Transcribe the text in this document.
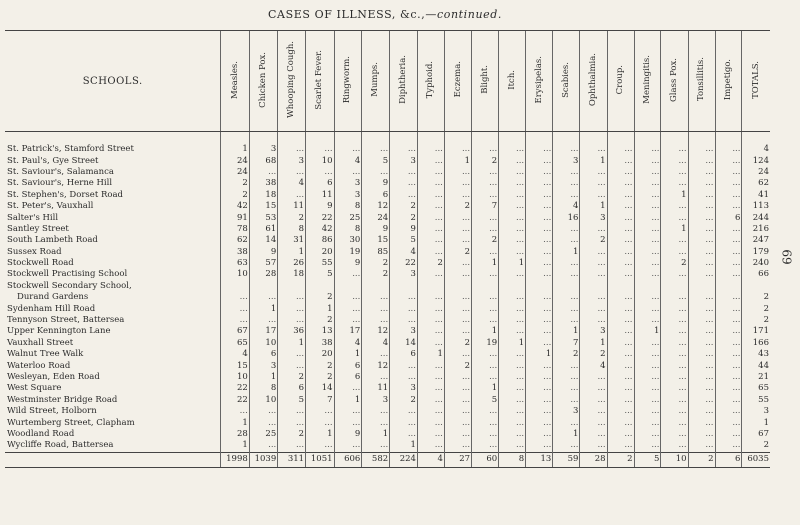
CASES OF ILLNESS, &c.,—continued.
69
SCHOOLS.	Measles.	Chicken Pox.	Whooping Cough.	Scarlet Fever.	Ringworm.	Mumps.	Diphtheria.	Typhoid.	Eczema.	Blight.	Itch.	Erysipelas.	Scabies.	Ophthalmia.	Croup.	Meningitis.	Glass Pox.	Tonsillitis.	Impetigo.	TOTALS.
St. Patrick's, Stamford Street	1	3	...	...	...	...	...	...	...	...	...	...	...	...	...	...	...	...	...	4
St. Paul's, Gye Street	24	68	3	10	4	5	3	...	1	2	...	...	3	1	...	...	...	...	...	124
St. Saviour's, Salamanca	24	...	...	...	...	...	...	...	...	...	...	...	...	...	...	...	...	...	...	24
St. Saviour's, Herne Hill	2	38	4	6	3	9	...	...	...	...	...	...	...	...	...	...	...	...	...	62
St. Stephen's, Dorset Road	2	18	...	11	3	6	...	...	...	...	...	...	...	...	...	...	1	...	...	41
St. Peter's, Vauxhall	42	15	11	9	8	12	2	...	2	7	...	...	4	1	...	...	...	...	...	113
Salter's Hill	91	53	2	22	25	24	2	...	...	...	...	...	16	3	...	...	...	...	6	244
Santley Street	78	61	8	42	8	9	9	...	...	...	...	...	...	...	...	...	1	...	...	216
South Lambeth Road	62	14	31	86	30	15	5	...	...	2	...	...	...	2	...	...	...	...	...	247
Sussex Road	38	9	1	20	19	85	4	...	2	...	...	...	1	...	...	...	...	...	...	179
Stockwell Road	63	57	26	55	9	2	22	2	...	1	1	...	...	...	...	...	2	...	...	240
Stockwell Practising School	10	28	18	5	...	2	3	...	...	...	...	...	...	...	...	...	...	...	...	66
Stockwell Secondary School,																				
Durand Gardens	...	...	...	2	...	...	...	...	...	...	...	...	...	...	...	...	...	...	...	2
Sydenham Hill Road	...	1	...	1	...	...	...	...	...	...	...	...	...	...	...	...	...	...	...	2
Tennyson Street, Battersea	...	...	...	2	...	...	...	...	...	...	...	...	...	...	...	...	...	...	...	2
Upper Kennington Lane	67	17	36	13	17	12	3	...	...	1	...	...	1	3	...	1	...	...	...	171
Vauxhall Street	65	10	1	38	4	4	14	...	2	19	1	...	7	1	...	...	...	...	...	166
Walnut Tree Walk	4	6	...	20	1	...	6	1	...	...	...	1	2	2	...	...	...	...	...	43
Waterloo Road	15	3	...	2	6	12	...	...	2	...	...	...	...	4	...	...	...	...	...	44
Wesleyan, Eden Road	10	1	2	2	6	...	...	...	...	...	...	...	...	...	...	...	...	...	...	21
West Square	22	8	6	14	...	11	3	...	...	1	...	...	...	...	...	...	...	...	...	65
Westminster Bridge Road	22	10	5	7	1	3	2	...	...	5	...	...	...	...	...	...	...	...	...	55
Wild Street, Holborn	...	...	...	...	...	...	...	...	...	...	...	...	3	...	...	...	...	...	...	3
Wurtemberg Street, Clapham	1	...	...	...	...	...	...	...	...	...	...	...	...	...	...	...	...	...	...	1
Woodland Road	28	25	2	1	9	1	...	...	...	...	...	...	1	...	...	...	...	...	...	67
Wycliffe Road, Battersea	1	...	...	...	...	...	1	...	...	...	...	...	...	...	...	...	...	...	...	2
	1998	1039	311	1051	606	582	224	4	27	60	8	13	59	28	2	5	10	2	6	6035
